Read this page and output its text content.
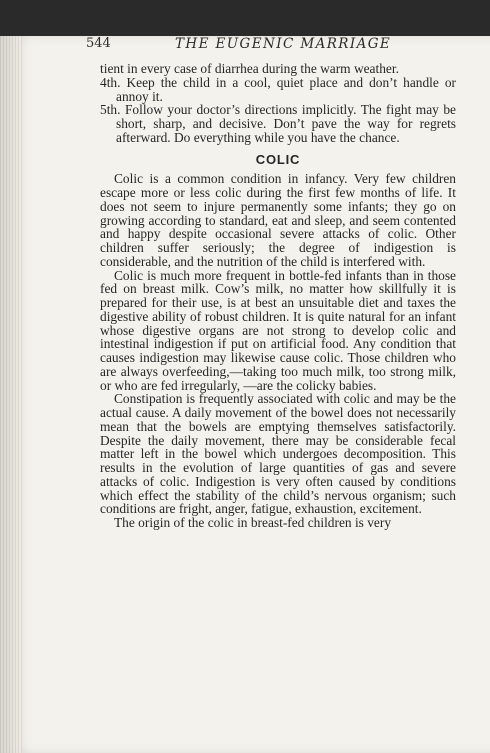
544	THE EUGENIC MARRIAGE

tient in every case of diarrhea during the warm weather.

4th. Keep the child in a cool, quiet place and don’t handle or annoy it.

5th. Follow your doctor’s directions implicitly. The fight may be short, sharp, and decisive. Don’t pave the way for regrets afterward. Do everything while you have the chance.

COLIC

Colic is a common condition in infancy. Very few children escape more or less colic during the first few months of life. It does not seem to injure permanently some infants; they go on growing according to standard, eat and sleep, and seem contented and happy despite occasional severe attacks of colic. Other children suffer seriously; the degree of indigestion is considerable, and the nutrition of the child is interfered with.

Colic is much more frequent in bottle-fed infants than in those fed on breast milk. Cow’s milk, no matter how skillfully it is prepared for their use, is at best an unsuitable diet and taxes the digestive ability of robust children. It is quite natural for an infant whose digestive organs are not strong to develop colic and intestinal indigestion if put on artificial food. Any condition that causes indigestion may likewise cause colic. Those children who are always overfeeding,—taking too much milk, too strong milk, or who are fed irregularly, —are the colicky babies.

Constipation is frequently associated with colic and may be the actual cause. A daily movement of the bowel does not necessarily mean that the bowels are emptying themselves satisfactorily. Despite the daily movement, there may be considerable fecal matter left in the bowel which undergoes decomposition. This results in the evolution of large quantities of gas and severe attacks of colic. Indigestion is very often caused by conditions which effect the stability of the child’s nervous organism; such conditions are fright, anger, fatigue, exhaustion, excitement.

The origin of the colic in breast-fed children is very
